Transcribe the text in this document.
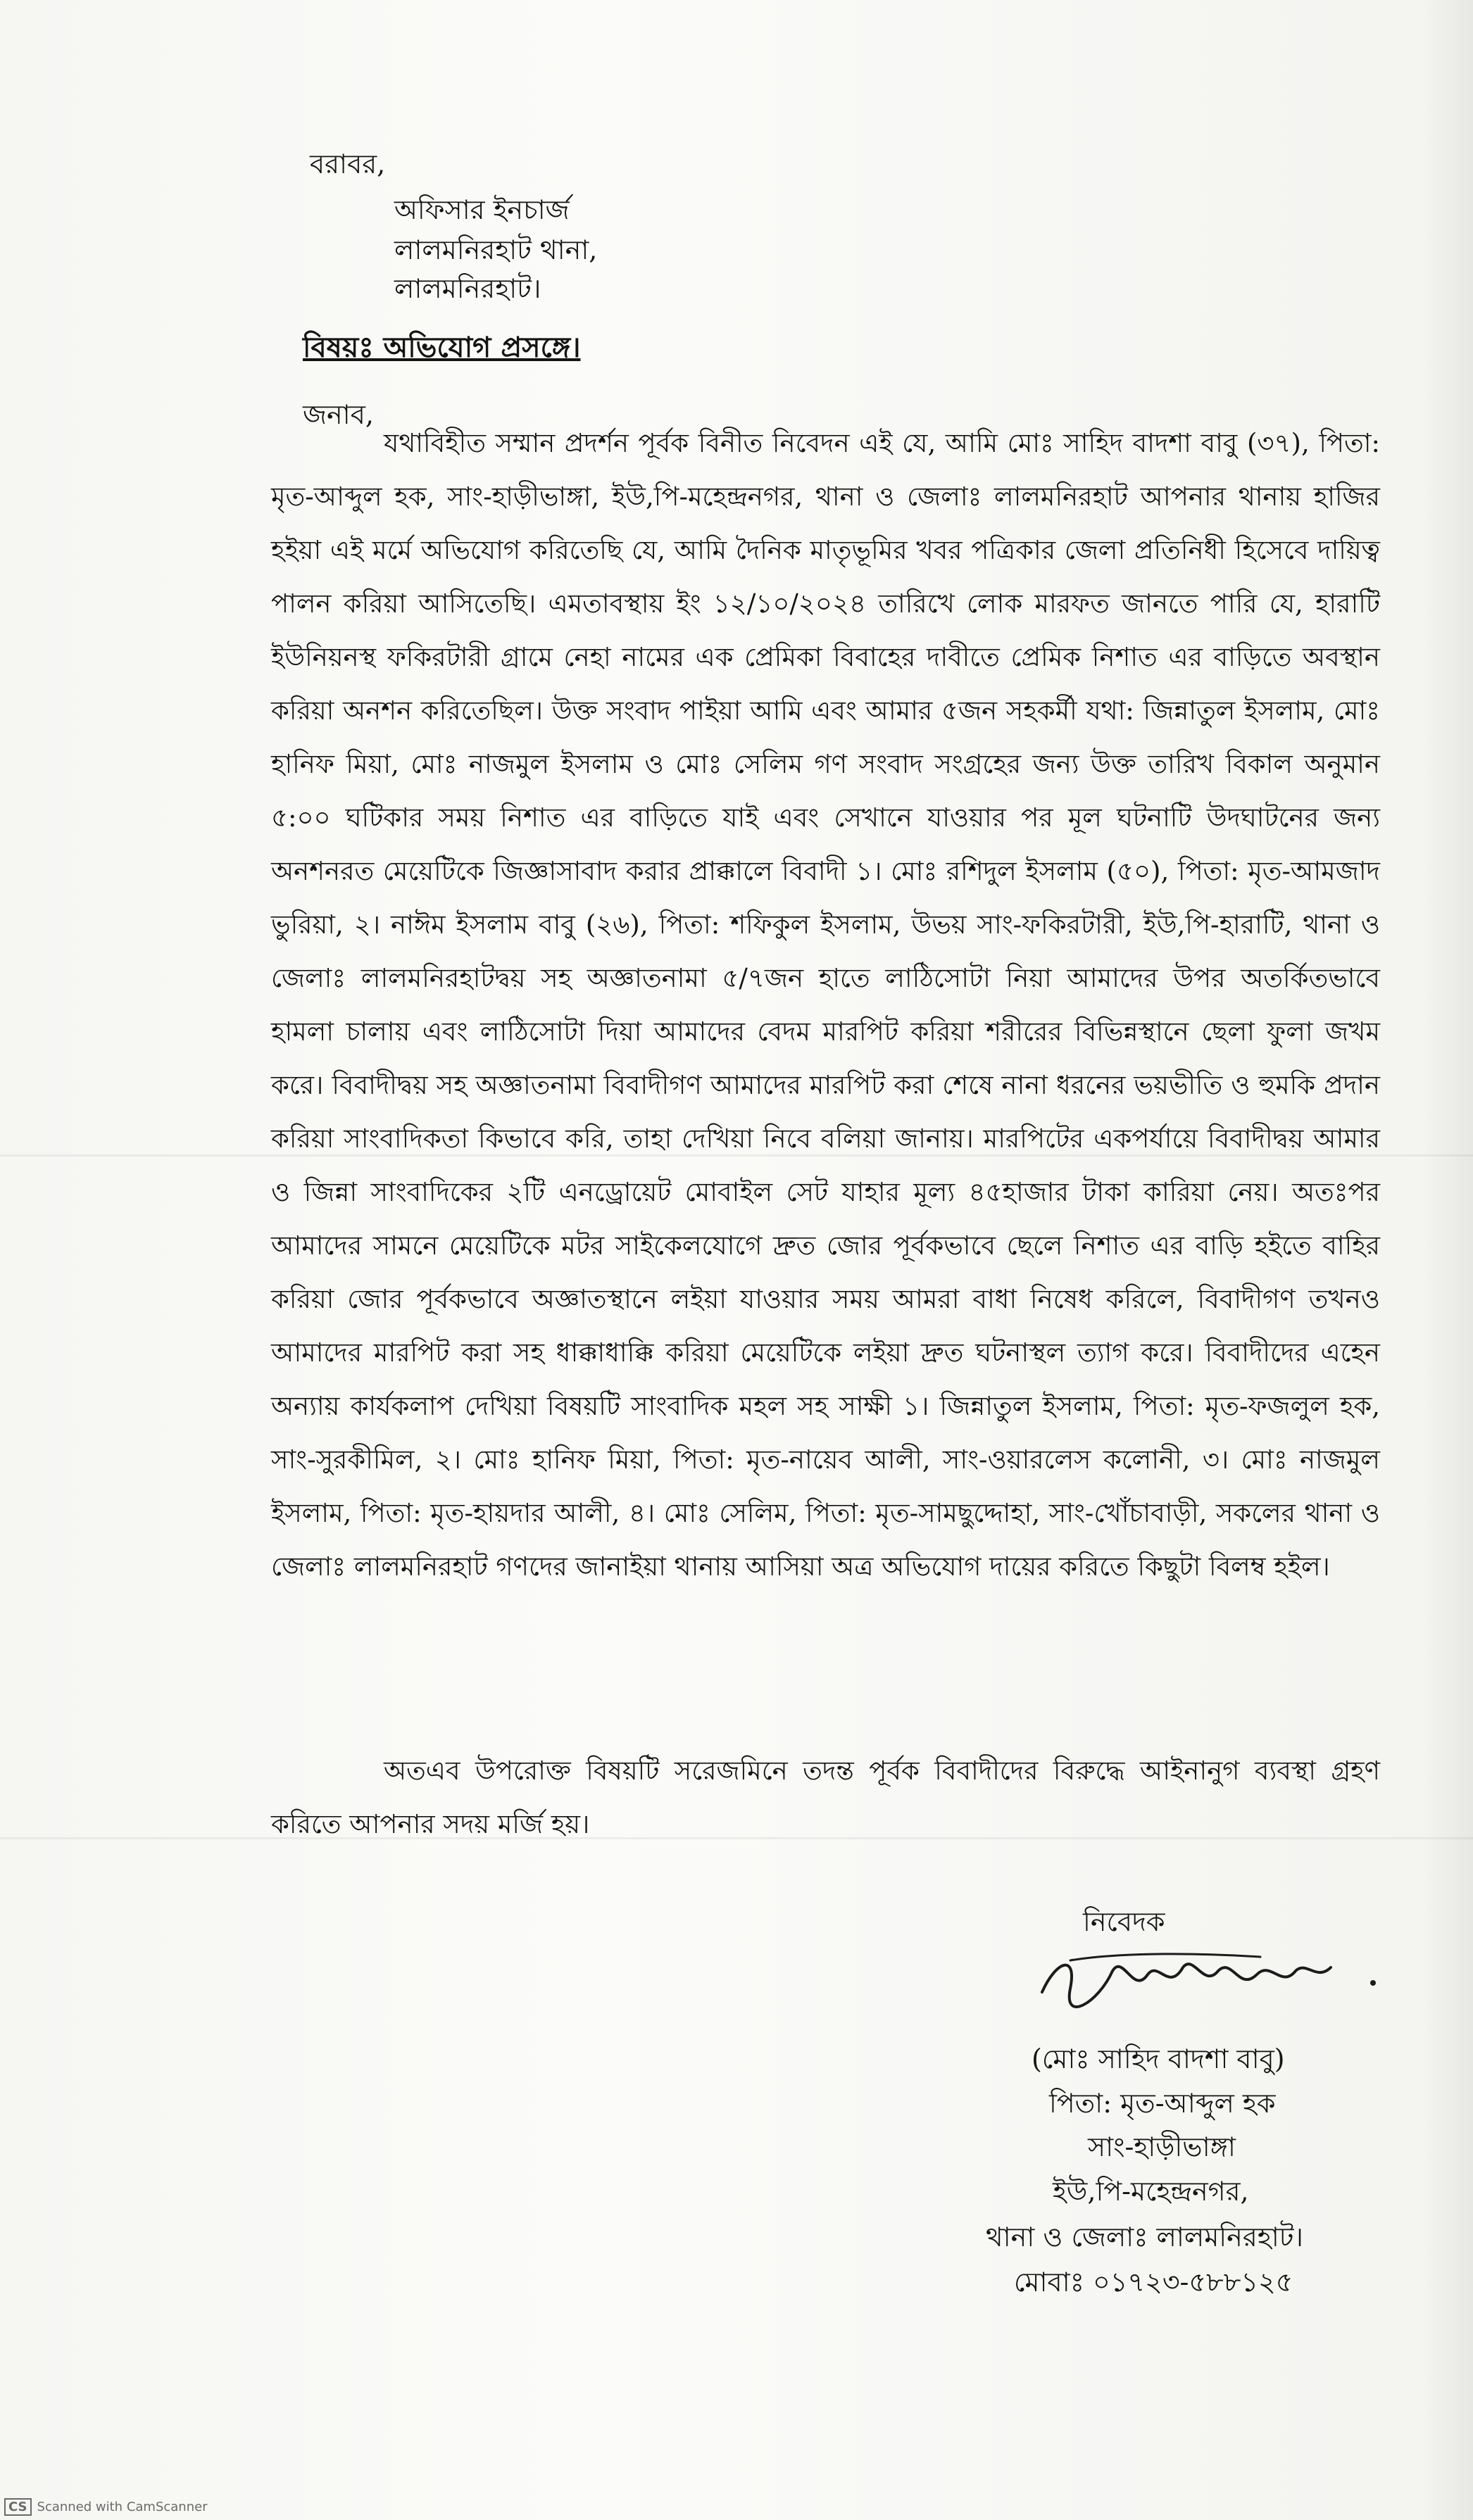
বরাবর,
অফিসার ইনচার্জ
লালমনিরহাট থানা,
লালমনিরহাট।
বিষয়ঃ অভিযোগ প্রসঙ্গে।
জনাব,

যথাবিহীত সম্মান প্রদর্শন পূর্বক বিনীত নিবেদন এই যে, আমি মোঃ সাহিদ বাদশা বাবু (৩৭), পিতা: মৃত-আব্দুল হক, সাং-হাড়ীভাঙ্গা, ইউ,পি-মহেন্দ্রনগর, থানা ও জেলাঃ লালমনিরহাট আপনার থানায় হাজির হইয়া এই মর্মে অভিযোগ করিতেছি যে, আমি দৈনিক মাতৃভূমির খবর পত্রিকার জেলা প্রতিনিধী হিসেবে দায়িত্ব পালন করিয়া আসিতেছি। এমতাবস্থায় ইং ১২/১০/২০২৪ তারিখে লোক মারফত জানতে পারি যে, হারাটি ইউনিয়নস্থ ফকিরটারী গ্রামে নেহা নামের এক প্রেমিকা বিবাহের দাবীতে প্রেমিক নিশাত এর বাড়িতে অবস্থান করিয়া অনশন করিতেছিল। উক্ত সংবাদ পাইয়া আমি এবং আমার ৫জন সহকর্মী যথা: জিন্নাতুল ইসলাম, মোঃ হানিফ মিয়া, মোঃ নাজমুল ইসলাম ও মোঃ সেলিম গণ সংবাদ সংগ্রহের জন্য উক্ত তারিখ বিকাল অনুমান ৫:০০ ঘটিকার সময় নিশাত এর বাড়িতে যাই এবং সেখানে যাওয়ার পর মূল ঘটনাটি উদঘাটনের জন্য অনশনরত মেয়েটিকে জিজ্ঞাসাবাদ করার প্রাক্কালে বিবাদী ১। মোঃ রশিদুল ইসলাম (৫০), পিতা: মৃত-আমজাদ ভুরিয়া, ২। নাঈম ইসলাম বাবু (২৬), পিতা: শফিকুল ইসলাম, উভয় সাং-ফকিরটারী, ইউ,পি-হারাটি, থানা ও জেলাঃ লালমনিরহাটদ্বয় সহ অজ্ঞাতনামা ৫/৭জন হাতে লাঠিসোটা নিয়া আমাদের উপর অতর্কিতভাবে হামলা চালায় এবং লাঠিসোটা দিয়া আমাদের বেদম মারপিট করিয়া শরীরের বিভিন্নস্থানে ছেলা ফুলা জখম করে। বিবাদীদ্বয় সহ অজ্ঞাতনামা বিবাদীগণ আমাদের মারপিট করা শেষে নানা ধরনের ভয়ভীতি ও হুমকি প্রদান করিয়া সাংবাদিকতা কিভাবে করি, তাহা দেখিয়া নিবে বলিয়া জানায়। মারপিটের একপর্যায়ে বিবাদীদ্বয় আমার ও জিন্না সাংবাদিকের ২টি এনড্রোয়েট মোবাইল সেট যাহার মূল্য ৪৫হাজার টাকা কারিয়া নেয়। অতঃপর আমাদের সামনে মেয়েটিকে মটর সাইকেলযোগে দ্রুত জোর পূর্বকভাবে ছেলে নিশাত এর বাড়ি হইতে বাহির করিয়া জোর পূর্বকভাবে অজ্ঞাতস্থানে লইয়া যাওয়ার সময় আমরা বাধা নিষেধ করিলে, বিবাদীগণ তখনও আমাদের মারপিট করা সহ ধাক্কাধাক্কি করিয়া মেয়েটিকে লইয়া দ্রুত ঘটনাস্থল ত্যাগ করে। বিবাদীদের এহেন অন্যায় কার্যকলাপ দেখিয়া বিষয়টি সাংবাদিক মহল সহ সাক্ষী ১। জিন্নাতুল ইসলাম, পিতা: মৃত-ফজলুল হক, সাং-সুরকীমিল, ২। মোঃ হানিফ মিয়া, পিতা: মৃত-নায়েব আলী, সাং-ওয়ারলেস কলোনী, ৩। মোঃ নাজমুল ইসলাম, পিতা: মৃত-হায়দার আলী, ৪। মোঃ সেলিম, পিতা: মৃত-সামছুদ্দোহা, সাং-খোঁচাবাড়ী, সকলের থানা ও জেলাঃ লালমনিরহাট গণদের জানাইয়া থানায় আসিয়া অত্র অভিযোগ দায়ের করিতে কিছুটা বিলম্ব হইল।

অতএব উপরোক্ত বিষয়টি সরেজমিনে তদন্ত পূর্বক বিবাদীদের বিরুদ্ধে আইনানুগ ব্যবস্থা গ্রহণ করিতে আপনার সদয় মর্জি হয়।

নিবেদক
(মোঃ সাহিদ বাদশা বাবু)
পিতা: মৃত-আব্দুল হক
সাং-হাড়ীভাঙ্গা
ইউ,পি-মহেন্দ্রনগর,
থানা ও জেলাঃ লালমনিরহাট।
মোবাঃ ০১৭২৩-৫৮৮১২৫
CS Scanned with CamScanner
